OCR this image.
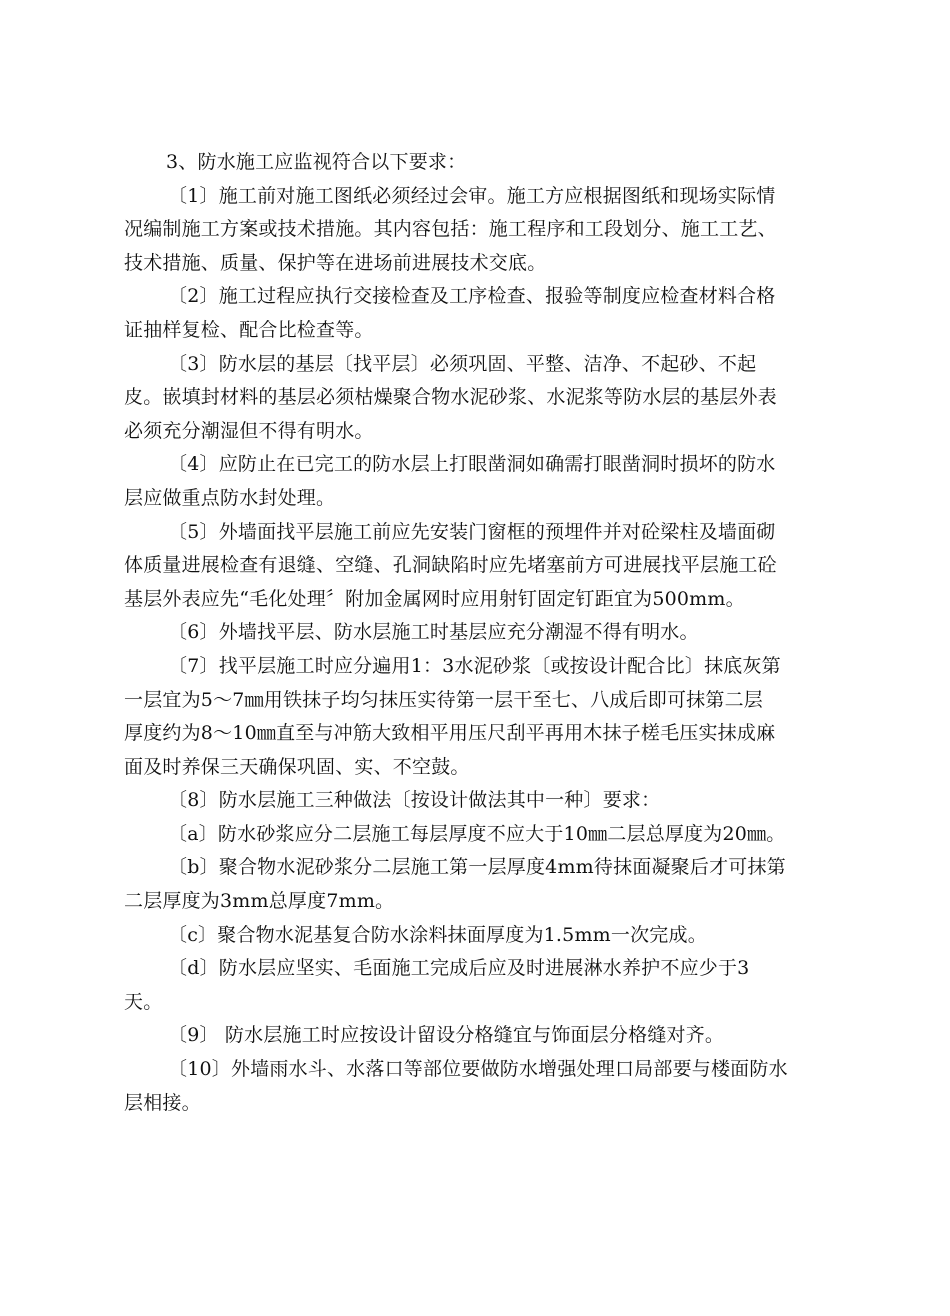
3、防水施工应监视符合以下要求：
〔1〕施工前对施工图纸必须经过会审。施工方应根据图纸和现场实际情
况编制施工方案或技术措施。其内容包括：施工程序和工段划分、施工工艺、
技术措施、质量、保护等在进场前进展技术交底。
〔2〕施工过程应执行交接检查及工序检查、报验等制度应检查材料合格
证抽样复检、配合比检查等。
〔3〕防水层的基层〔找平层〕必须巩固、平整、洁净、不起砂、不起
皮。嵌填封材料的基层必须枯燥聚合物水泥砂浆、水泥浆等防水层的基层外表
必须充分潮湿但不得有明水。
〔4〕应防止在已完工的防水层上打眼凿洞如确需打眼凿洞时损坏的防水
层应做重点防水封处理。
〔5〕外墙面找平层施工前应先安装门窗框的预埋件并对砼梁柱及墙面砌
体质量进展检查有退缝、空缝、孔洞缺陷时应先堵塞前方可进展找平层施工砼
基层外表应先“毛化处理〞附加金属网时应用射钉固定钉距宜为500mm。
〔6〕外墙找平层、防水层施工时基层应充分潮湿不得有明水。
〔7〕找平层施工时应分遍用1：3水泥砂浆〔或按设计配合比〕抹底灰第
一层宜为5～7㎜用铁抹子均匀抹压实待第一层干至七、八成后即可抹第二层
厚度约为8～10㎜直至与冲筋大致相平用压尺刮平再用木抹子槎毛压实抹成麻
面及时养保三天确保巩固、实、不空鼓。
〔8〕防水层施工三种做法〔按设计做法其中一种〕要求：
〔a〕防水砂浆应分二层施工每层厚度不应大于10㎜二层总厚度为20㎜。
〔b〕聚合物水泥砂浆分二层施工第一层厚度4mm待抹面凝聚后才可抹第
二层厚度为3mm总厚度7mm。
〔c〕聚合物水泥基复合防水涂料抹面厚度为1.5mm一次完成。
〔d〕防水层应坚实、毛面施工完成后应及时进展淋水养护不应少于3
天。
〔9〕 防水层施工时应按设计留设分格缝宜与饰面层分格缝对齐。
〔10〕外墙雨水斗、水落口等部位要做防水增强处理口局部要与楼面防水
层相接。
